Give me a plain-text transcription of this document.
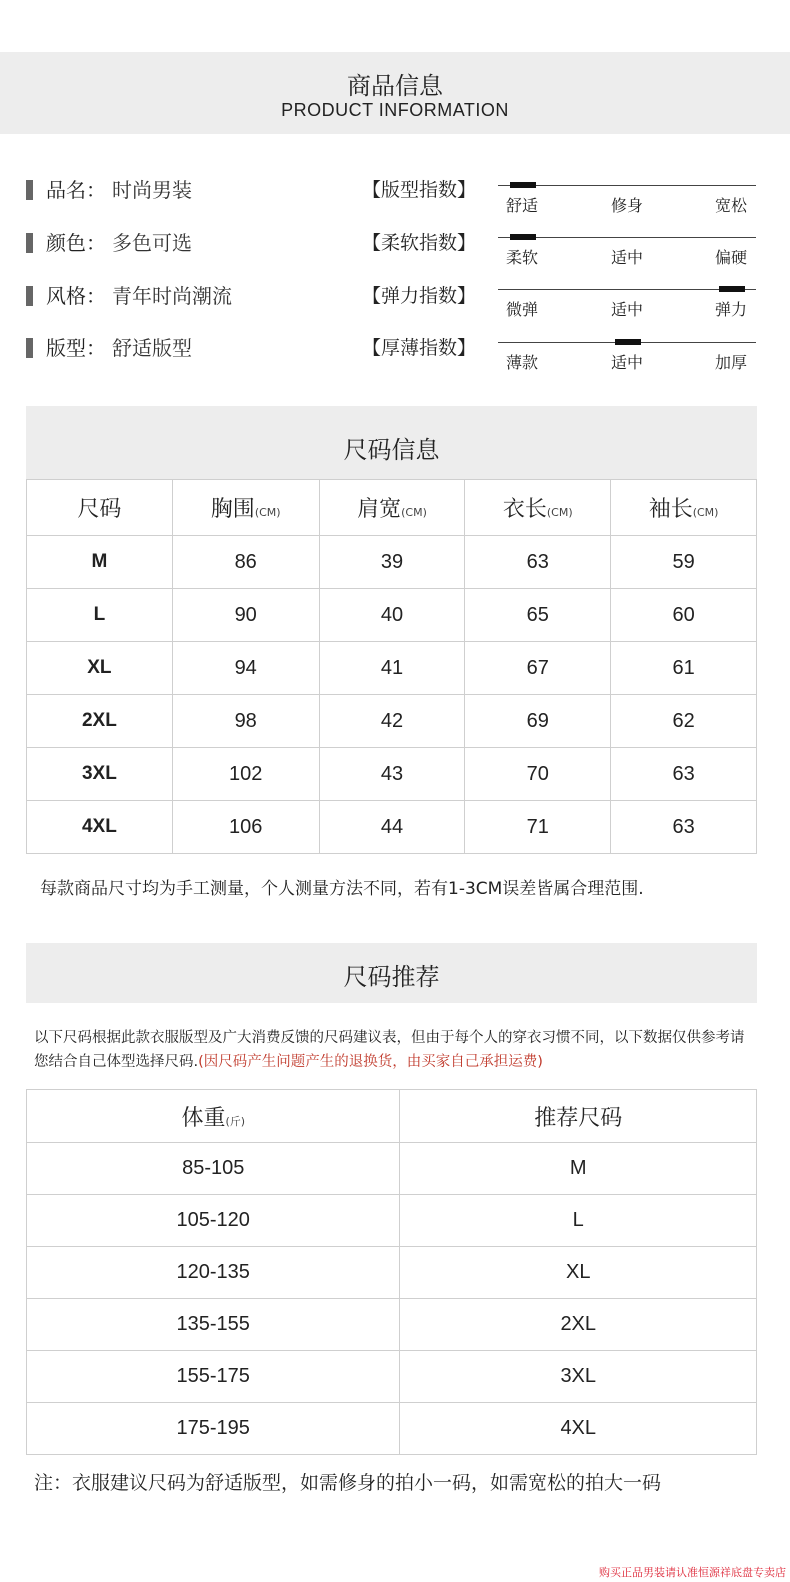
商品信息
PRODUCT INFORMATION
品名： 时尚男装
颜色： 多色可选
风格： 青年时尚潮流
版型： 舒适版型
【版型指数】
舒适	修身	宽松
【柔软指数】
柔软	适中	偏硬
【弹力指数】
微弹	适中	弹力
【厚薄指数】
薄款	适中	加厚
尺码信息
尺码	胸围(CM)	肩宽(CM)	衣长(CM)	袖长(CM)
M	86	39	63	59
L	90	40	65	60
XL	94	41	67	61
2XL	98	42	69	62
3XL	102	43	70	63
4XL	106	44	71	63
每款商品尺寸均为手工测量，个人测量方法不同，若有1-3CM误差皆属合理范围.
尺码推荐
以下尺码根据此款衣服版型及广大消费反馈的尺码建议表，但由于每个人的穿衣习惯不同，以下数据仅供参考请您结合自己体型选择尺码.(因尺码产生问题产生的退换货，由买家自己承担运费)
体重(斤)	推荐尺码
85-105	M
105-120	L
120-135	XL
135-155	2XL
155-175	3XL
175-195	4XL
注：衣服建议尺码为舒适版型，如需修身的拍小一码，如需宽松的拍大一码
购买正品男装请认准恒源祥底盘专卖店
